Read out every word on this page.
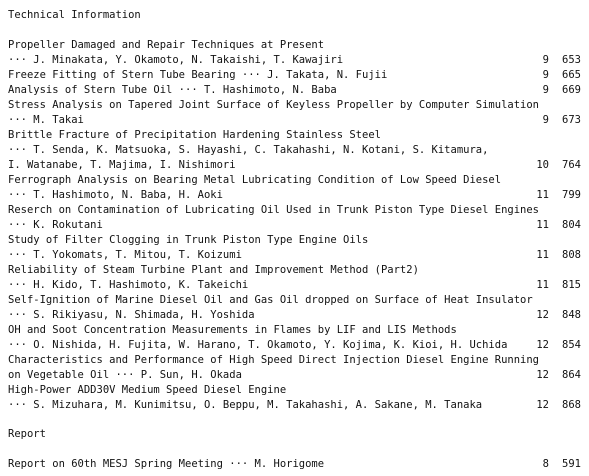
Technical Information
Propeller Damaged and Repair Techniques at Present
··· J. Minakata, Y. Okamoto, N. Takaishi, T. Kawajiri	9	653
Freeze Fitting of Stern Tube Bearing ··· J. Takata, N. Fujii	9	665
Analysis of Stern Tube Oil ··· T. Hashimoto, N. Baba	9	669
Stress Analysis on Tapered Joint Surface of Keyless Propeller by Computer Simulation
··· M. Takai	9	673
Brittle Fracture of Precipitation Hardening Stainless Steel
··· T. Senda, K. Matsuoka, S. Hayashi, C. Takahashi, N. Kotani, S. Kitamura,
I. Watanabe, T. Majima, I. Nishimori	10	764
Ferrograph Analysis on Bearing Metal Lubricating Condition of Low Speed Diesel
··· T. Hashimoto, N. Baba, H. Aoki	11	799
Reserch on Contamination of Lubricating Oil Used in Trunk Piston Type Diesel Engines
··· K. Rokutani	11	804
Study of Filter Clogging in Trunk Piston Type Engine Oils
··· T. Yokomats, T. Mitou, T. Koizumi	11	808
Reliability of Steam Turbine Plant and Improvement Method (Part2)
··· H. Kido, T. Hashimoto, K. Takeichi	11	815
Self-Ignition of Marine Diesel Oil and Gas Oil dropped on Surface of Heat Insulator
··· S. Rikiyasu, N. Shimada, H. Yoshida	12	848
OH and Soot Concentration Measurements in Flames by LIF and LIS Methods
··· O. Nishida, H. Fujita, W. Harano, T. Okamoto, Y. Kojima, K. Kioi, H. Uchida	12	854
Characteristics and Performance of High Speed Direct Injection Diesel Engine Running
on Vegetable Oil ··· P. Sun, H. Okada	12	864
High-Power ADD30V Medium Speed Diesel Engine
··· S. Mizuhara, M. Kunimitsu, O. Beppu, M. Takahashi, A. Sakane, M. Tanaka	12	868
Report
Report on 60th MESJ Spring Meeting ··· M. Horigome	8	591
